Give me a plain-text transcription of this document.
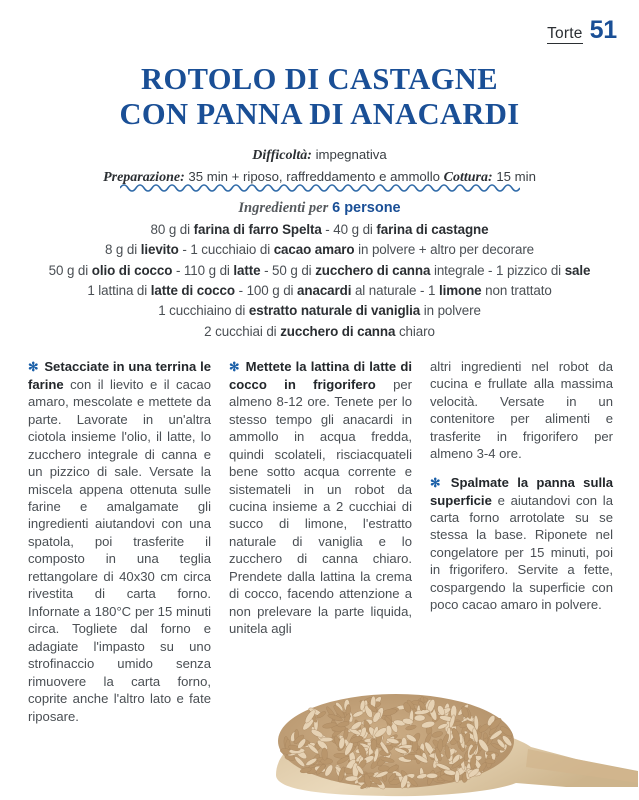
Torte 51
ROTOLO DI CASTAGNE
CON PANNA DI ANACARDI
Difficoltà: impegnativa
Preparazione: 35 min + riposo, raffreddamento e ammollo Cottura: 15 min
Ingredienti per 6 persone
80 g di farina di farro Spelta - 40 g di farina di castagne
8 g di lievito - 1 cucchiaio di cacao amaro in polvere + altro per decorare
50 g di olio di cocco - 110 g di latte - 50 g di zucchero di canna integrale - 1 pizzico di sale
1 lattina di latte di cocco - 100 g di anacardi al naturale - 1 limone non trattato
1 cucchiaino di estratto naturale di vaniglia in polvere
2 cucchiai di zucchero di canna chiaro

✻ Setacciate in una terrina le farine con il lievito e il cacao amaro, mescolate e mettete da parte. Lavorate in un'altra ciotola insieme l'olio, il latte, lo zucchero integrale di canna e un pizzico di sale. Versate la miscela appena ottenuta sulle farine e amalgamate gli ingredienti aiutandovi con una spatola, poi trasferite il composto in una teglia rettangolare di 40x30 cm circa rivestita di carta forno. Infornate a 180°C per 15 minuti circa. Togliete dal forno e adagiate l'impasto su uno strofinaccio umido senza rimuovere la carta forno, coprite anche l'altro lato e fate riposare.

✻ Mettete la lattina di latte di cocco in frigorifero per almeno 8-12 ore. Tenete per lo stesso tempo gli anacardi in ammollo in acqua fredda, quindi scolateli, risciacquateli bene sotto acqua corrente e sistemateli in un robot da cucina insieme a 2 cucchiai di succo di limone, l'estratto naturale di vaniglia e lo zucchero di canna chiaro. Prendete dalla lattina la crema di cocco, facendo attenzione a non prelevare la parte liquida, unitela agli

altri ingredienti nel robot da cucina e frullate alla massima velocità. Versate in un contenitore per alimenti e trasferite in frigorifero per almeno 3-4 ore.

✻ Spalmate la panna sulla superficie e aiutandovi con la carta forno arrotolate su se stessa la base. Riponete nel congelatore per 15 minuti, poi in frigorifero. Servite a fette, cospargendo la superficie con poco cacao amaro in polvere.
